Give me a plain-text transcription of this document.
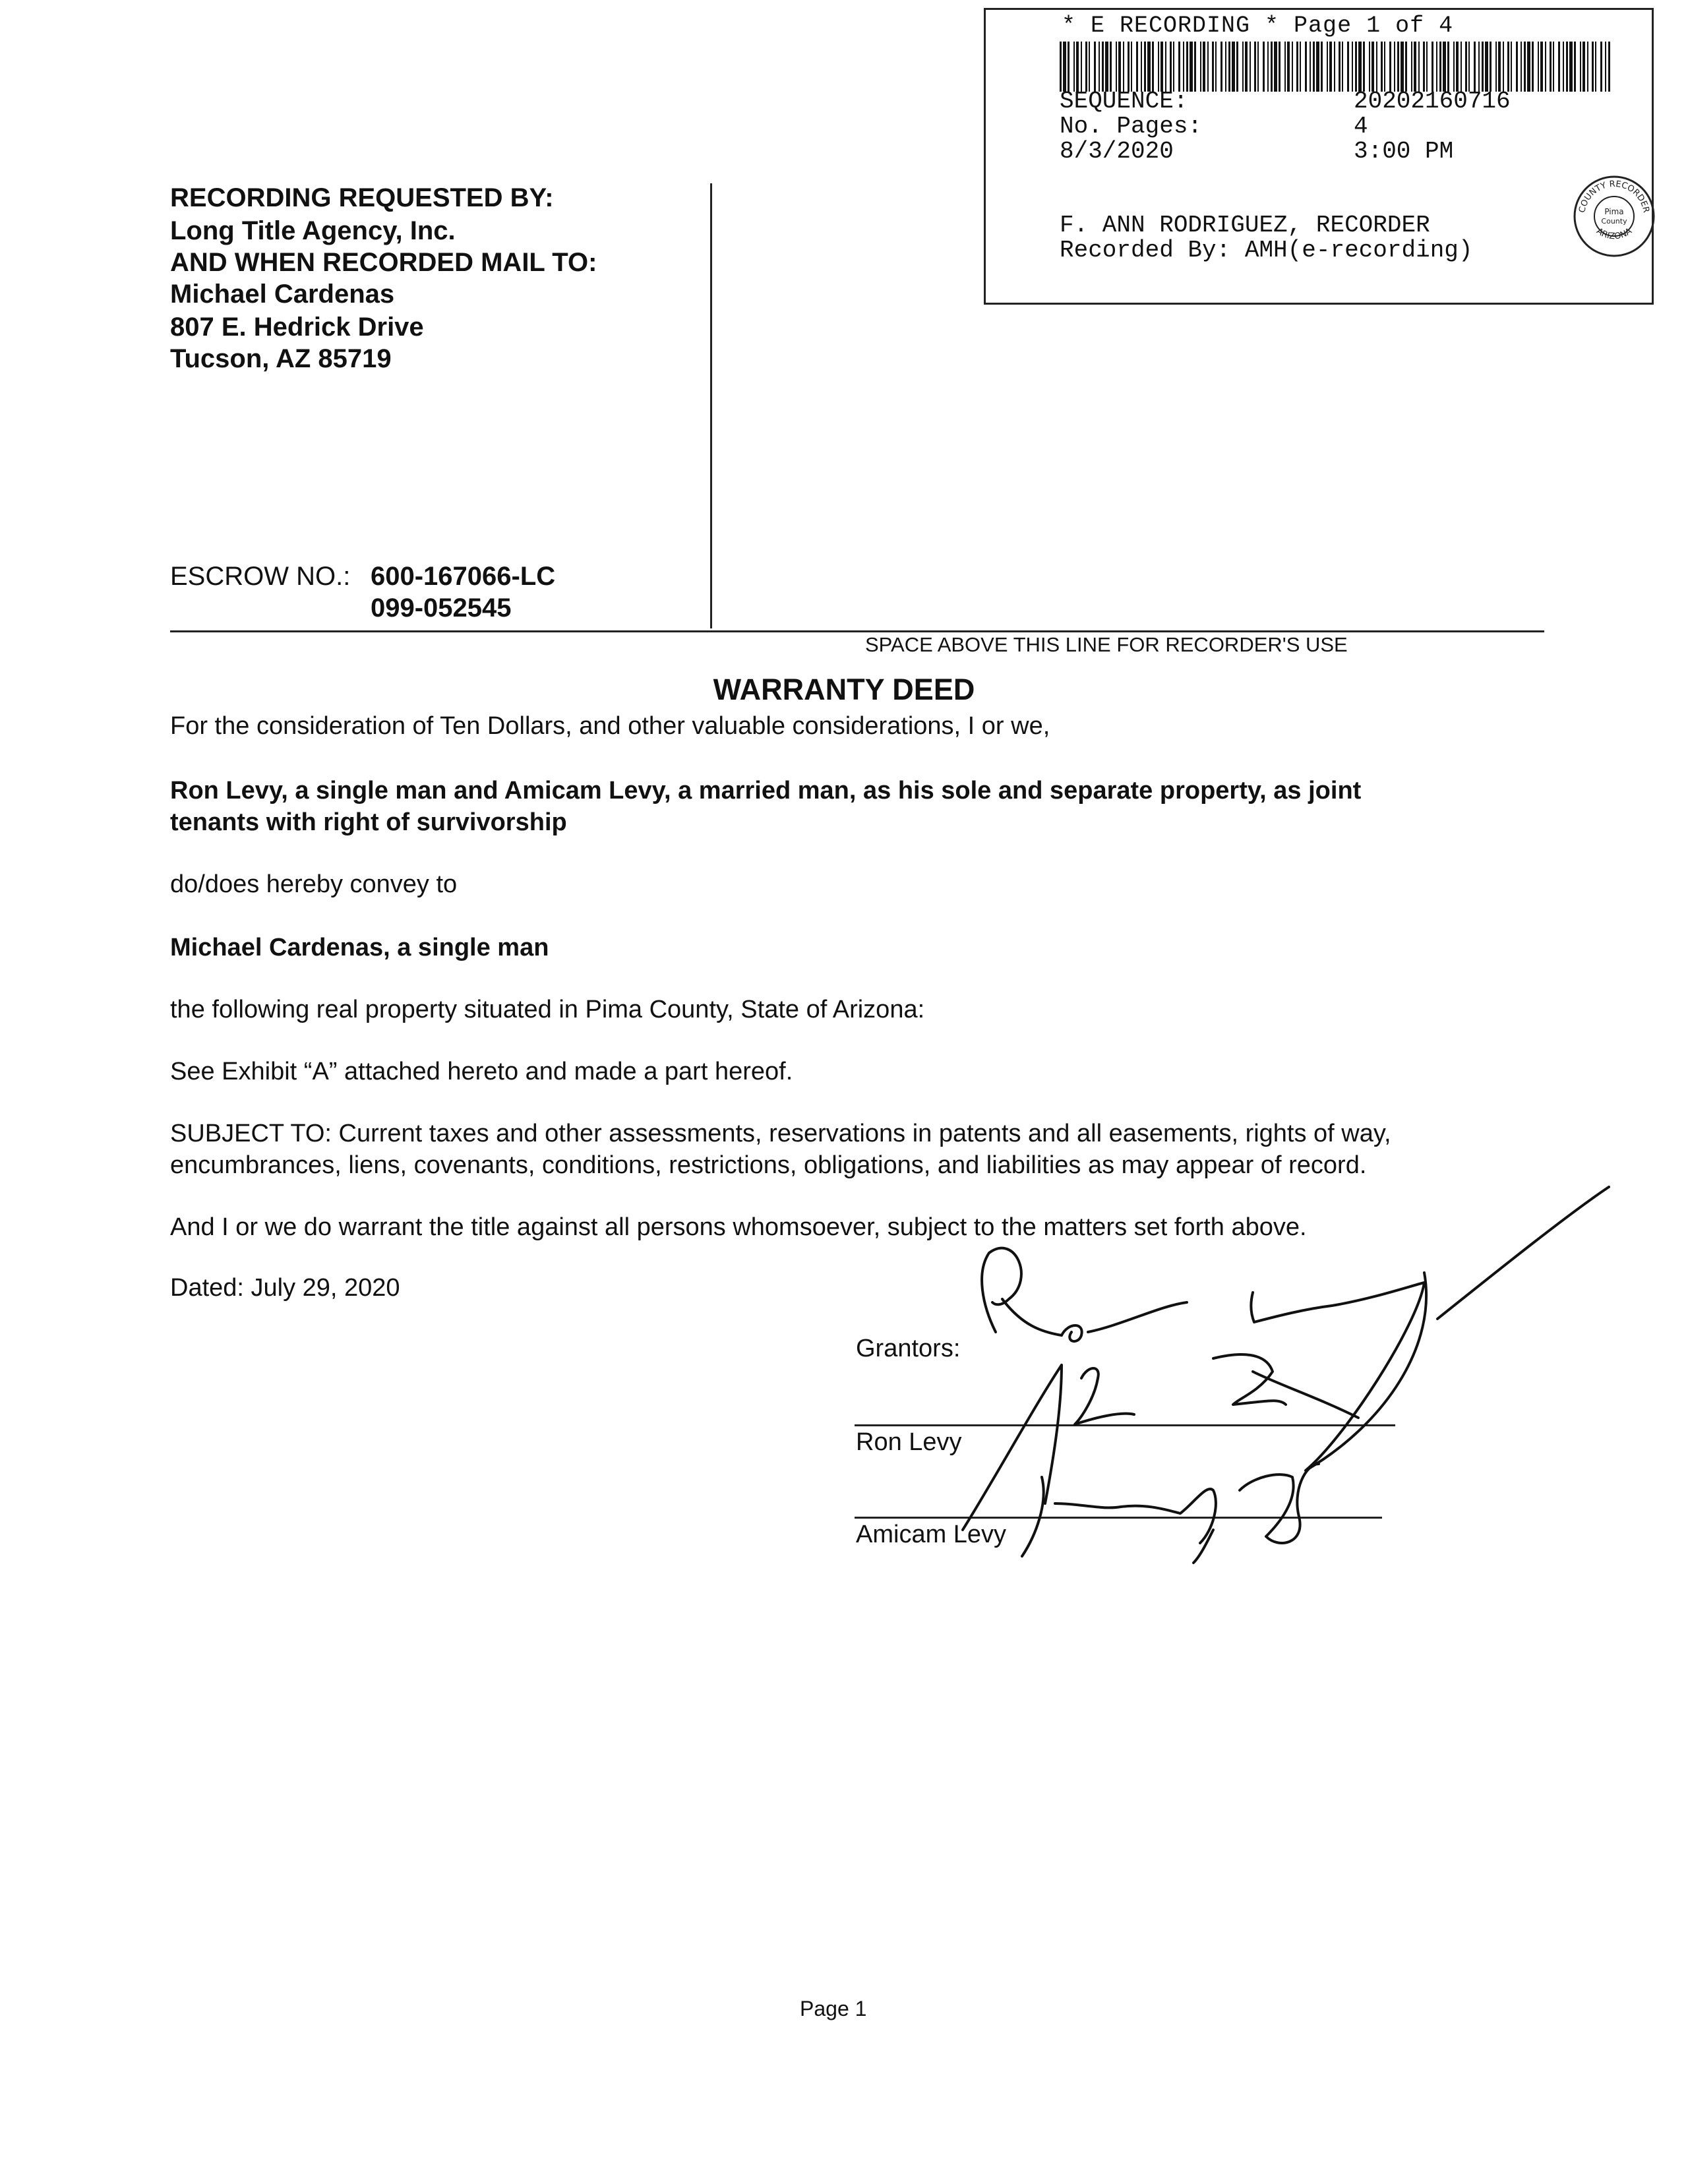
* E RECORDING * Page 1 of 4
SEQUENCE:	20202160716
No. Pages:	4
8/3/2020	3:00 PM
F. ANN RODRIGUEZ, RECORDER
Recorded By: AMH(e-recording)
COUNTY RECORDER
Pima
County
ARIZONA
RECORDING REQUESTED BY:
Long Title Agency, Inc.
AND WHEN RECORDED MAIL TO:
Michael Cardenas
807 E. Hedrick Drive
Tucson, AZ 85719
ESCROW NO.: 600-167066-LC
099-052545
SPACE ABOVE THIS LINE FOR RECORDER'S USE
WARRANTY DEED
For the consideration of Ten Dollars, and other valuable considerations, I or we,
Ron Levy, a single man and Amicam Levy, a married man, as his sole and separate property, as joint
tenants with right of survivorship
do/does hereby convey to
Michael Cardenas, a single man
the following real property situated in Pima County, State of Arizona:
See Exhibit “A” attached hereto and made a part hereof.
SUBJECT TO: Current taxes and other assessments, reservations in patents and all easements, rights of way,
encumbrances, liens, covenants, conditions, restrictions, obligations, and liabilities as may appear of record.
And I or we do warrant the title against all persons whomsoever, subject to the matters set forth above.
Dated: July 29, 2020
Grantors:
Ron Levy
Amicam Levy
Page 1
